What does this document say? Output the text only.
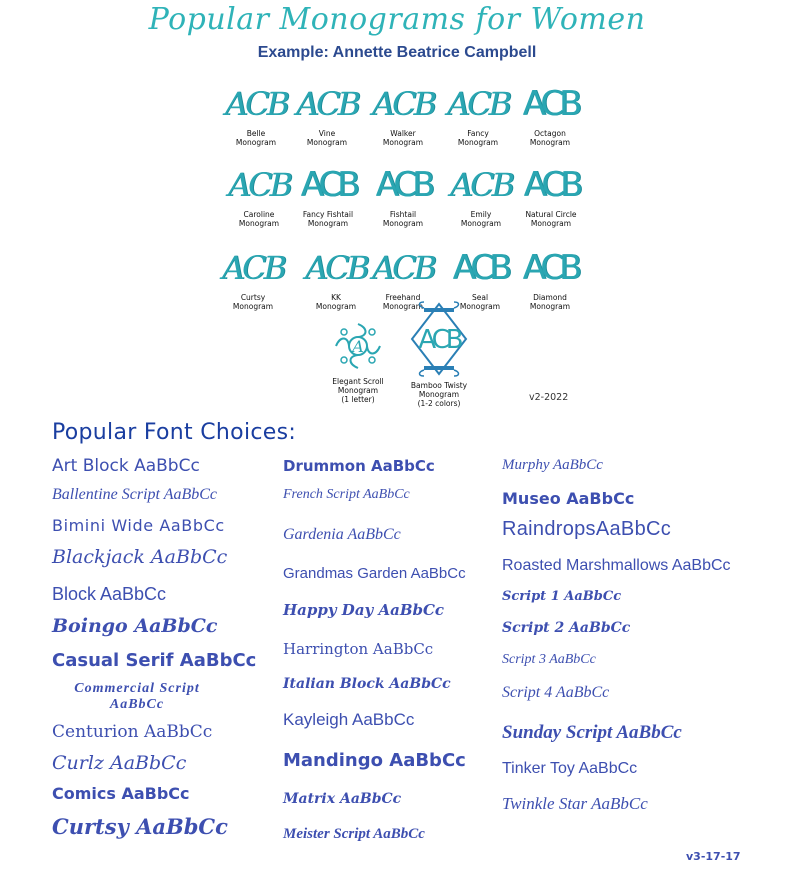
Popular Monograms for Women
Example: Annette Beatrice Campbell
ACB
Belle
Monogram
ACB
Vine
Monogram
ACB
Walker
Monogram
ACB
Fancy
Monogram
ACB
Octagon
Monogram
ACB
Caroline
Monogram
ACB
Fancy Fishtail
Monogram
ACB
Fishtail
Monogram
ACB
Emily
Monogram
ACB
Natural Circle
Monogram
ACB
Curtsy
Monogram
ACB
KK
Monogram
ACB
Freehand
Monogram
ACB
Seal
Monogram
ACB
Diamond
Monogram
A
Elegant Scroll
Monogram
(1 letter)
ACB
Bamboo Twisty
Monogram
(1-2 colors)
v2-2022
Popular Font Choices:
Art Block AaBbCc
Ballentine Script AaBbCc
Bimini Wide AaBbCc
Blackjack AaBbCc
Block AaBbCc
Boingo AaBbCc
Casual Serif AaBbCc
Commercial Script
AaBbCc
Centurion AaBbCc
Curlz AaBbCc
Comics AaBbCc
Curtsy AaBbCc
Drummon AaBbCc
French Script AaBbCc
Gardenia AaBbCc
Grandmas Garden AaBbCc
Happy Day AaBbCc
Harrington AaBbCc
Italian Block AaBbCc
Kayleigh AaBbCc
Mandingo AaBbCc
Matrix AaBbCc
Meister Script AaBbCc
Murphy AaBbCc
Museo AaBbCc
RaindropsAaBbCc
Roasted Marshmallows AaBbCc
Script 1 AaBbCc
Script 2 AaBbCc
Script 3 AaBbCc
Script 4 AaBbCc
Sunday Script AaBbCc
Tinker Toy AaBbCc
Twinkle Star AaBbCc
v3-17-17
